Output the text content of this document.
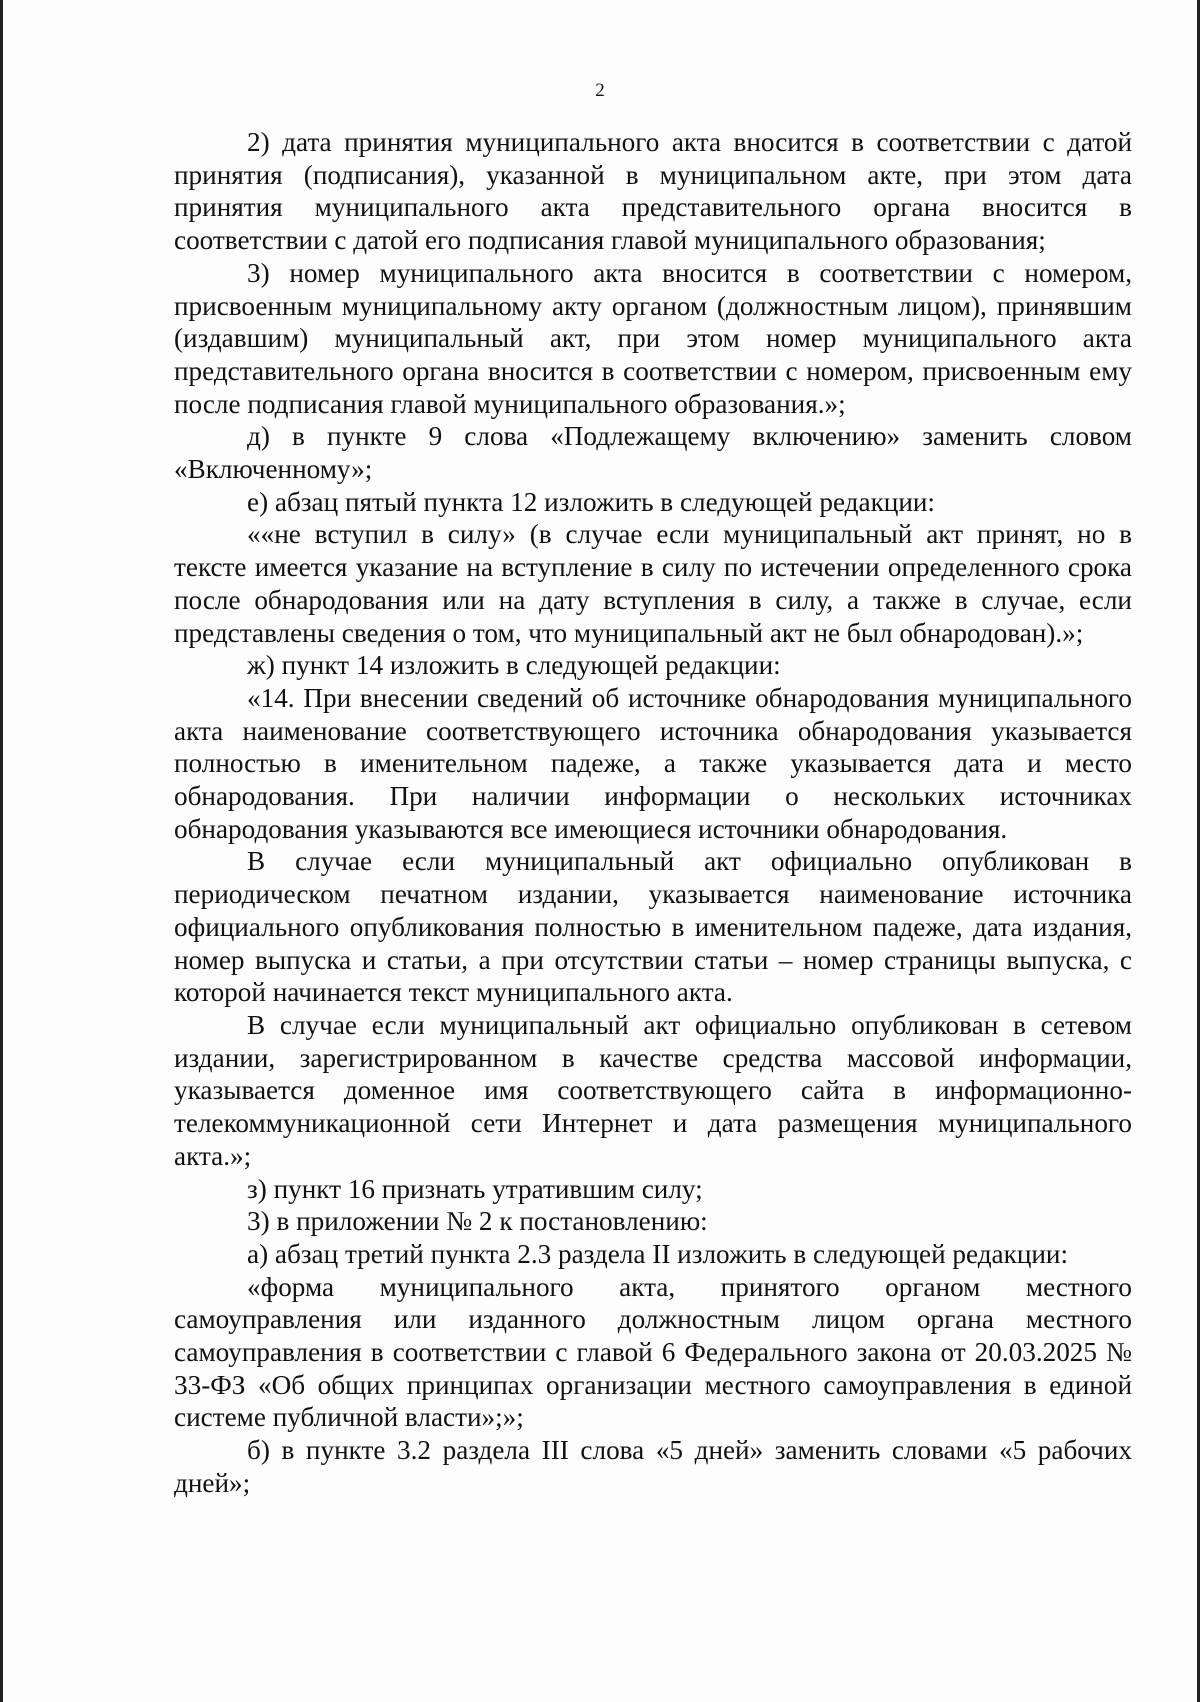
2

2) дата принятия муниципального акта вносится в соответствии с датой принятия (подписания), указанной в муниципальном акте, при этом дата принятия муниципального акта представительного органа вносится в соответствии с датой его подписания главой муниципального образования;

3) номер муниципального акта вносится в соответствии с номером, присвоенным муниципальному акту органом (должностным лицом), принявшим (издавшим) муниципальный акт, при этом номер муниципального акта представительного органа вносится в соответствии с номером, присвоенным ему после подписания главой муниципального образования.»;

д) в пункте 9 слова «Подлежащему включению» заменить словом «Включенному»;

е) абзац пятый пункта 12 изложить в следующей редакции:

««не вступил в силу» (в случае если муниципальный акт принят, но в тексте имеется указание на вступление в силу по истечении определенного срока после обнародования или на дату вступления в силу, а также в случае, если представлены сведения о том, что муниципальный акт не был обнародован).»;

ж) пункт 14 изложить в следующей редакции:

«14. При внесении сведений об источнике обнародования муниципального акта наименование соответствующего источника обнародования указывается полностью в именительном падеже, а также указывается дата и место обнародования. При наличии информации о нескольких источниках обнародования указываются все имеющиеся источники обнародования.

В случае если муниципальный акт официально опубликован в периодическом печатном издании, указывается наименование источника официального опубликования полностью в именительном падеже, дата издания, номер выпуска и статьи, а при отсутствии статьи – номер страницы выпуска, с которой начинается текст муниципального акта.

В случае если муниципальный акт официально опубликован в сетевом издании, зарегистрированном в качестве средства массовой информации, указывается доменное имя соответствующего сайта в информационно-телекоммуникационной сети Интернет и дата размещения муниципального акта.»;

з) пункт 16 признать утратившим силу;

3) в приложении № 2 к постановлению:

а) абзац третий пункта 2.3 раздела II изложить в следующей редакции:

«форма муниципального акта, принятого органом местного самоуправления или изданного должностным лицом органа местного самоуправления в соответствии с главой 6 Федерального закона от 20.03.2025 № 33-ФЗ «Об общих принципах организации местного самоуправления в единой системе публичной власти»;»;

б) в пункте 3.2 раздела III слова «5 дней» заменить словами «5 рабочих дней»;
